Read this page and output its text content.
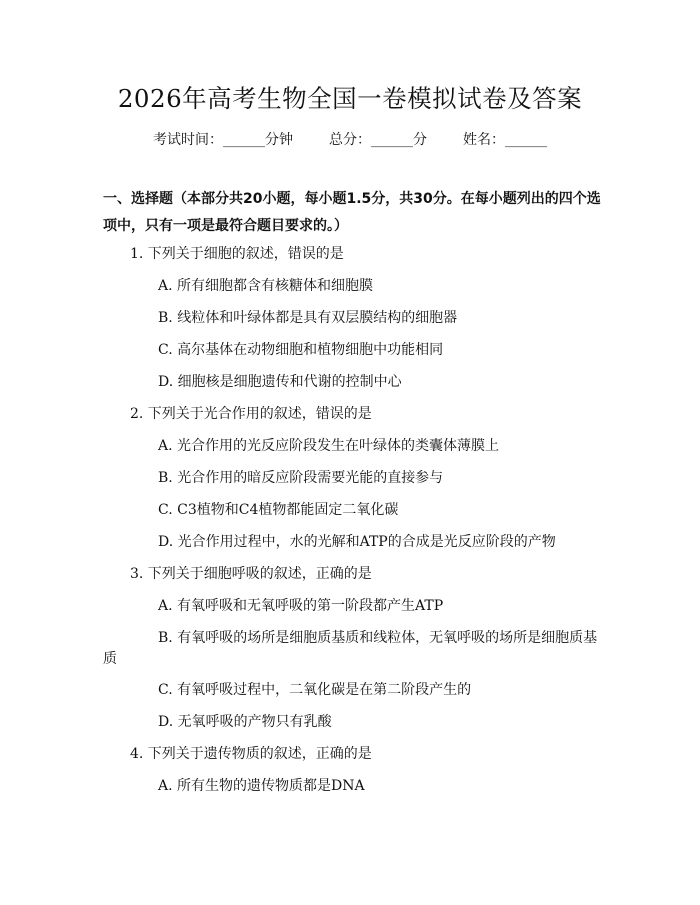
2026年高考生物全国一卷模拟试卷及答案
考试时间：______分钟	总分：______分	姓名：______
一、选择题（本部分共20小题，每小题1.5分，共30分。在每小题列出的四个选项中，只有一项是最符合题目要求的。）
1. 下列关于细胞的叙述，错误的是
A. 所有细胞都含有核糖体和细胞膜
B. 线粒体和叶绿体都是具有双层膜结构的细胞器
C. 高尔基体在动物细胞和植物细胞中功能相同
D. 细胞核是细胞遗传和代谢的控制中心
2. 下列关于光合作用的叙述，错误的是
A. 光合作用的光反应阶段发生在叶绿体的类囊体薄膜上
B. 光合作用的暗反应阶段需要光能的直接参与
C. C3植物和C4植物都能固定二氧化碳
D. 光合作用过程中，水的光解和ATP的合成是光反应阶段的产物
3. 下列关于细胞呼吸的叙述，正确的是
A. 有氧呼吸和无氧呼吸的第一阶段都产生ATP
B. 有氧呼吸的场所是细胞质基质和线粒体，无氧呼吸的场所是细胞质基
质
C. 有氧呼吸过程中，二氧化碳是在第二阶段产生的
D. 无氧呼吸的产物只有乳酸
4. 下列关于遗传物质的叙述，正确的是
A. 所有生物的遗传物质都是DNA
